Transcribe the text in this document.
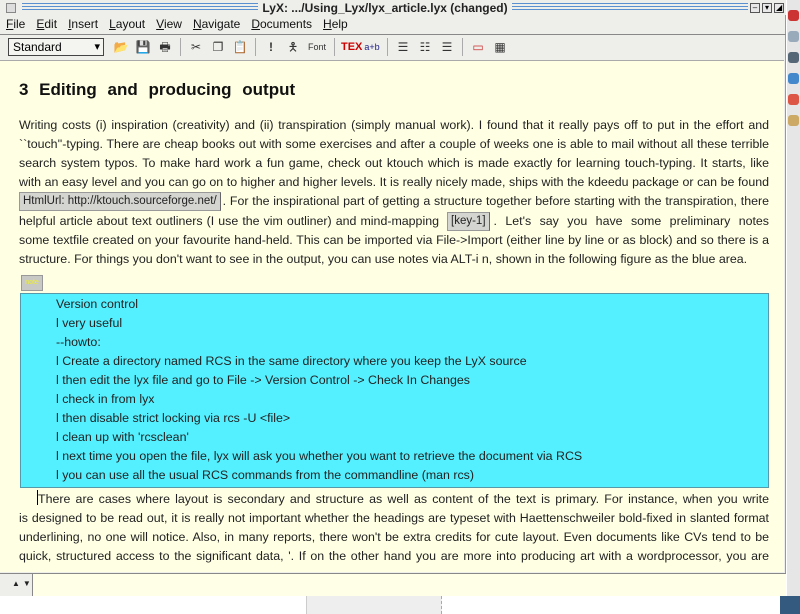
LyX: .../Using_Lyx/lyx_article.lyx (changed)	– ▾ ◢
File Edit Insert Layout View Navigate Documents Help
Standard ▾	📂 💾 🖶	✂ ❐ 📋	!	🯅	Font TEX a+b	☰ ☷ ☰	▭ ▦
3 Editing and producing output
Writing costs (i) inspiration (creativity) and (ii) transpiration (simply manual work). I found that it really pays off to put in the effort and
``touch''-typing. There are cheap books out with some exercises and after a couple of weeks one is able to mail without all these terrible
search system typos. To make hard work a fun game, check out ktouch which is made exactly for learning touch-typing. It starts, like
with an easy level and you can go on to higher and higher levels. It is really nicely made, ships with the kdeedu package or can be found
HtmlUrl: http://ktouch.sourceforge.net/ . For the inspirational part of getting a structure together before starting with the transpiration, there
helpful article about text outliners (I use the vim outliner) and mind-mapping	[key-1] . Let's say you have some preliminary notes
some textfile created on your favourite hand-held. This can be imported via File->Import (either line by line or as block) and so there is a
structure. For things you don't want to see in the output, you can use notes via ALT-i n, shown in the following figure as the blue area.
note
Version control
l very useful
--howto:
l Create a directory named RCS in the same directory where you keep the LyX source
l then edit the lyx file and go to File -> Version Control -> Check In Changes
l check in from lyx
l then disable strict locking via rcs -U <file>
l clean up with 'rcsclean'
l next time you open the file, lyx will ask you whether you want to retrieve the document via RCS
l you can use all the usual RCS commands from the commandline (man rcs)
There are cases where layout is secondary and structure as well as content of the text is primary. For instance, when you write
is designed to be read out, it is really not important whether the headings are typeset with Haettenschweiler bold-fixed in slanted format
underlining, no one will notice. Also, in many reports, there won't be extra credits for cute layout. Even documents like CVs tend to be
quick, structured access to the significant data, '. If on the other hand you are more into producing art with a wordprocessor, you are
▲▼
